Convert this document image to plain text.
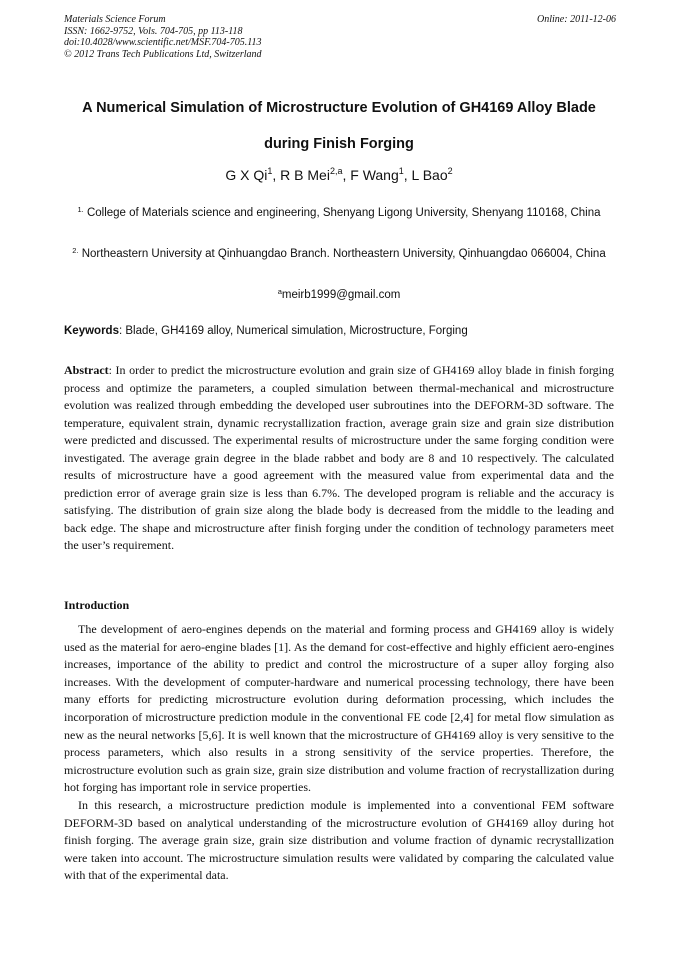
Materials Science Forum
ISSN: 1662-9752, Vols. 704-705, pp 113-118
doi:10.4028/www.scientific.net/MSF.704-705.113
© 2012 Trans Tech Publications Ltd, Switzerland
Online: 2011-12-06
A Numerical Simulation of Microstructure Evolution of GH4169 Alloy Blade during Finish Forging
G X Qi$^1$, R B Mei$^{2,a}$, F Wang$^1$, L Bao$^2$
$^{1.}$ College of Materials science and engineering, Shenyang Ligong University, Shenyang 110168, China
$^{2.}$ Northeastern University at Qinhuangdao Branch. Northeastern University, Qinhuangdao 066004, China
$^a$meirb1999@gmail.com
Keywords: Blade, GH4169 alloy, Numerical simulation, Microstructure, Forging

Abstract: In order to predict the microstructure evolution and grain size of GH4169 alloy blade in finish forging process and optimize the parameters, a coupled simulation between thermal-mechanical and microstructure evolution was realized through embedding the developed user subroutines into the DEFORM-3D software. The temperature, equivalent strain, dynamic recrystallization fraction, average grain size and grain size distribution were predicted and discussed. The experimental results of microstructure under the same forging condition were investigated. The average grain degree in the blade rabbet and body are 8 and 10 respectively. The calculated results of microstructure have a good agreement with the measured value from experimental data and the prediction error of average grain size is less than 6.7%. The developed program is reliable and the accuracy is satisfying. The distribution of grain size along the blade body is decreased from the middle to the leading and back edge. The shape and microstructure after finish forging under the condition of technology parameters meet the user’s requirement.

Introduction

The development of aero-engines depends on the material and forming process and GH4169 alloy is widely used as the material for aero-engine blades [1]. As the demand for cost-effective and highly efficient aero-engines increases, importance of the ability to predict and control the microstructure of a super alloy forging also increases. With the development of computer-hardware and numerical processing technology, there have been many efforts for predicting microstructure evolution during deformation processing, which includes the incorporation of microstructure prediction module in the conventional FE code [2,4] for metal flow simulation as new as the neural networks [5,6]. It is well known that the microstructure of GH4169 alloy is very sensitive to the process parameters, which also results in a strong sensitivity of the service properties. Therefore, the microstructure evolution such as grain size, grain size distribution and volume fraction of recrystallization during hot forging has important role in service properties.

In this research, a microstructure prediction module is implemented into a conventional FEM software DEFORM-3D based on analytical understanding of the microstructure evolution of GH4169 alloy during hot finish forging. The average grain size, grain size distribution and volume fraction of dynamic recrystallization were taken into account. The microstructure simulation results were validated by comparing the calculated value with that of the experimental data.
